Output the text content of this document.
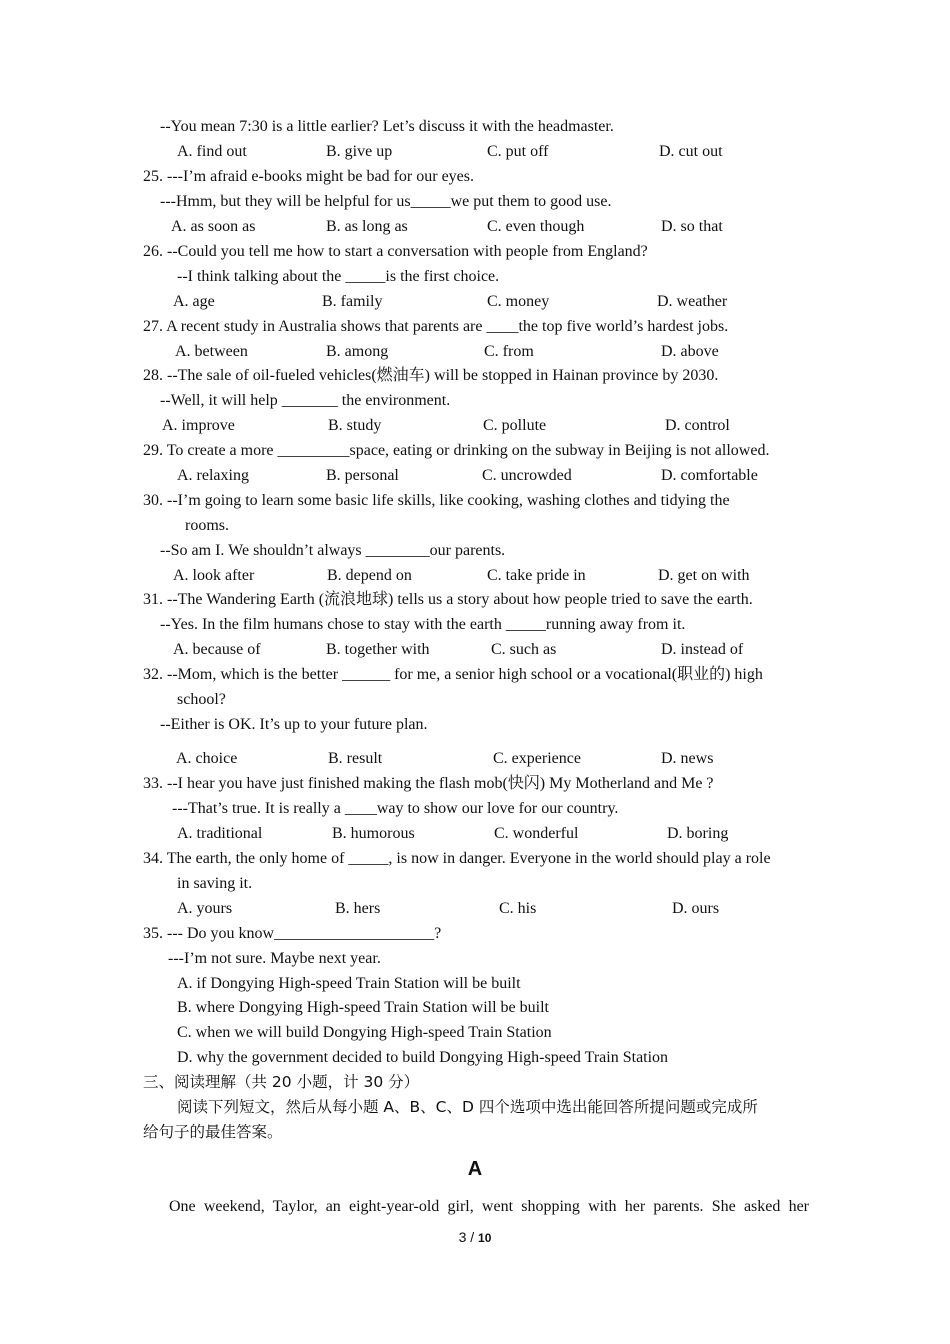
--You mean 7:30 is a little earlier? Let’s discuss it with the headmaster.
A. find out	B. give up	C. put off	D. cut out
25. ---I’m afraid e-books might be bad for our eyes.
---Hmm, but they will be helpful for us_____we put them to good use.
A. as soon as	B. as long as	C. even though	D. so that
26. --Could you tell me how to start a conversation with people from England?
--I think talking about the _____is the first choice.
A. age	B. family	C. money	D. weather
27. A recent study in Australia shows that parents are ____the top five world’s hardest jobs.
A. between	B. among	C. from	D. above
28. --The sale of oil-fueled vehicles(燃油车) will be stopped in Hainan province by 2030.
--Well, it will help _______ the environment.
A. improve	B. study	C. pollute	D. control
29. To create a more _________space, eating or drinking on the subway in Beijing is not allowed.
A. relaxing	B. personal	C. uncrowded	D. comfortable
30. --I’m going to learn some basic life skills, like cooking, washing clothes and tidying the
rooms.
--So am I. We shouldn’t always ________our parents.
A. look after	B. depend on	C. take pride in	D. get on with
31. --The Wandering Earth (流浪地球) tells us a story about how people tried to save the earth.
--Yes. In the film humans chose to stay with the earth _____running away from it.
A. because of	B. together with	C. such as	D. instead of
32. --Mom, which is the better ______ for me, a senior high school or a vocational(职业的) high
school?
--Either is OK. It’s up to your future plan.
A. choice	B. result	C. experience	D. news
33. --I hear you have just finished making the flash mob(快闪) My Motherland and Me ?
---That’s true. It is really a ____way to show our love for our country.
A. traditional	B. humorous	C. wonderful	D. boring
34. The earth, the only home of _____, is now in danger. Everyone in the world should play a role
in saving it.
A. yours	B. hers	C. his	D. ours
35. --- Do you know____________________?
---I’m not sure. Maybe next year.
A. if Dongying High-speed Train Station will be built
B. where Dongying High-speed Train Station will be built
C. when we will build Dongying High-speed Train Station
D. why the government decided to build Dongying High-speed Train Station
三、阅读理解（共 20 小题，计 30 分）
阅读下列短文，然后从每小题 A、B、C、D 四个选项中选出能回答所提问题或完成所
给句子的最佳答案。
A
One weekend, Taylor, an eight-year-old girl, went shopping with her parents. She asked her
3 / 10
